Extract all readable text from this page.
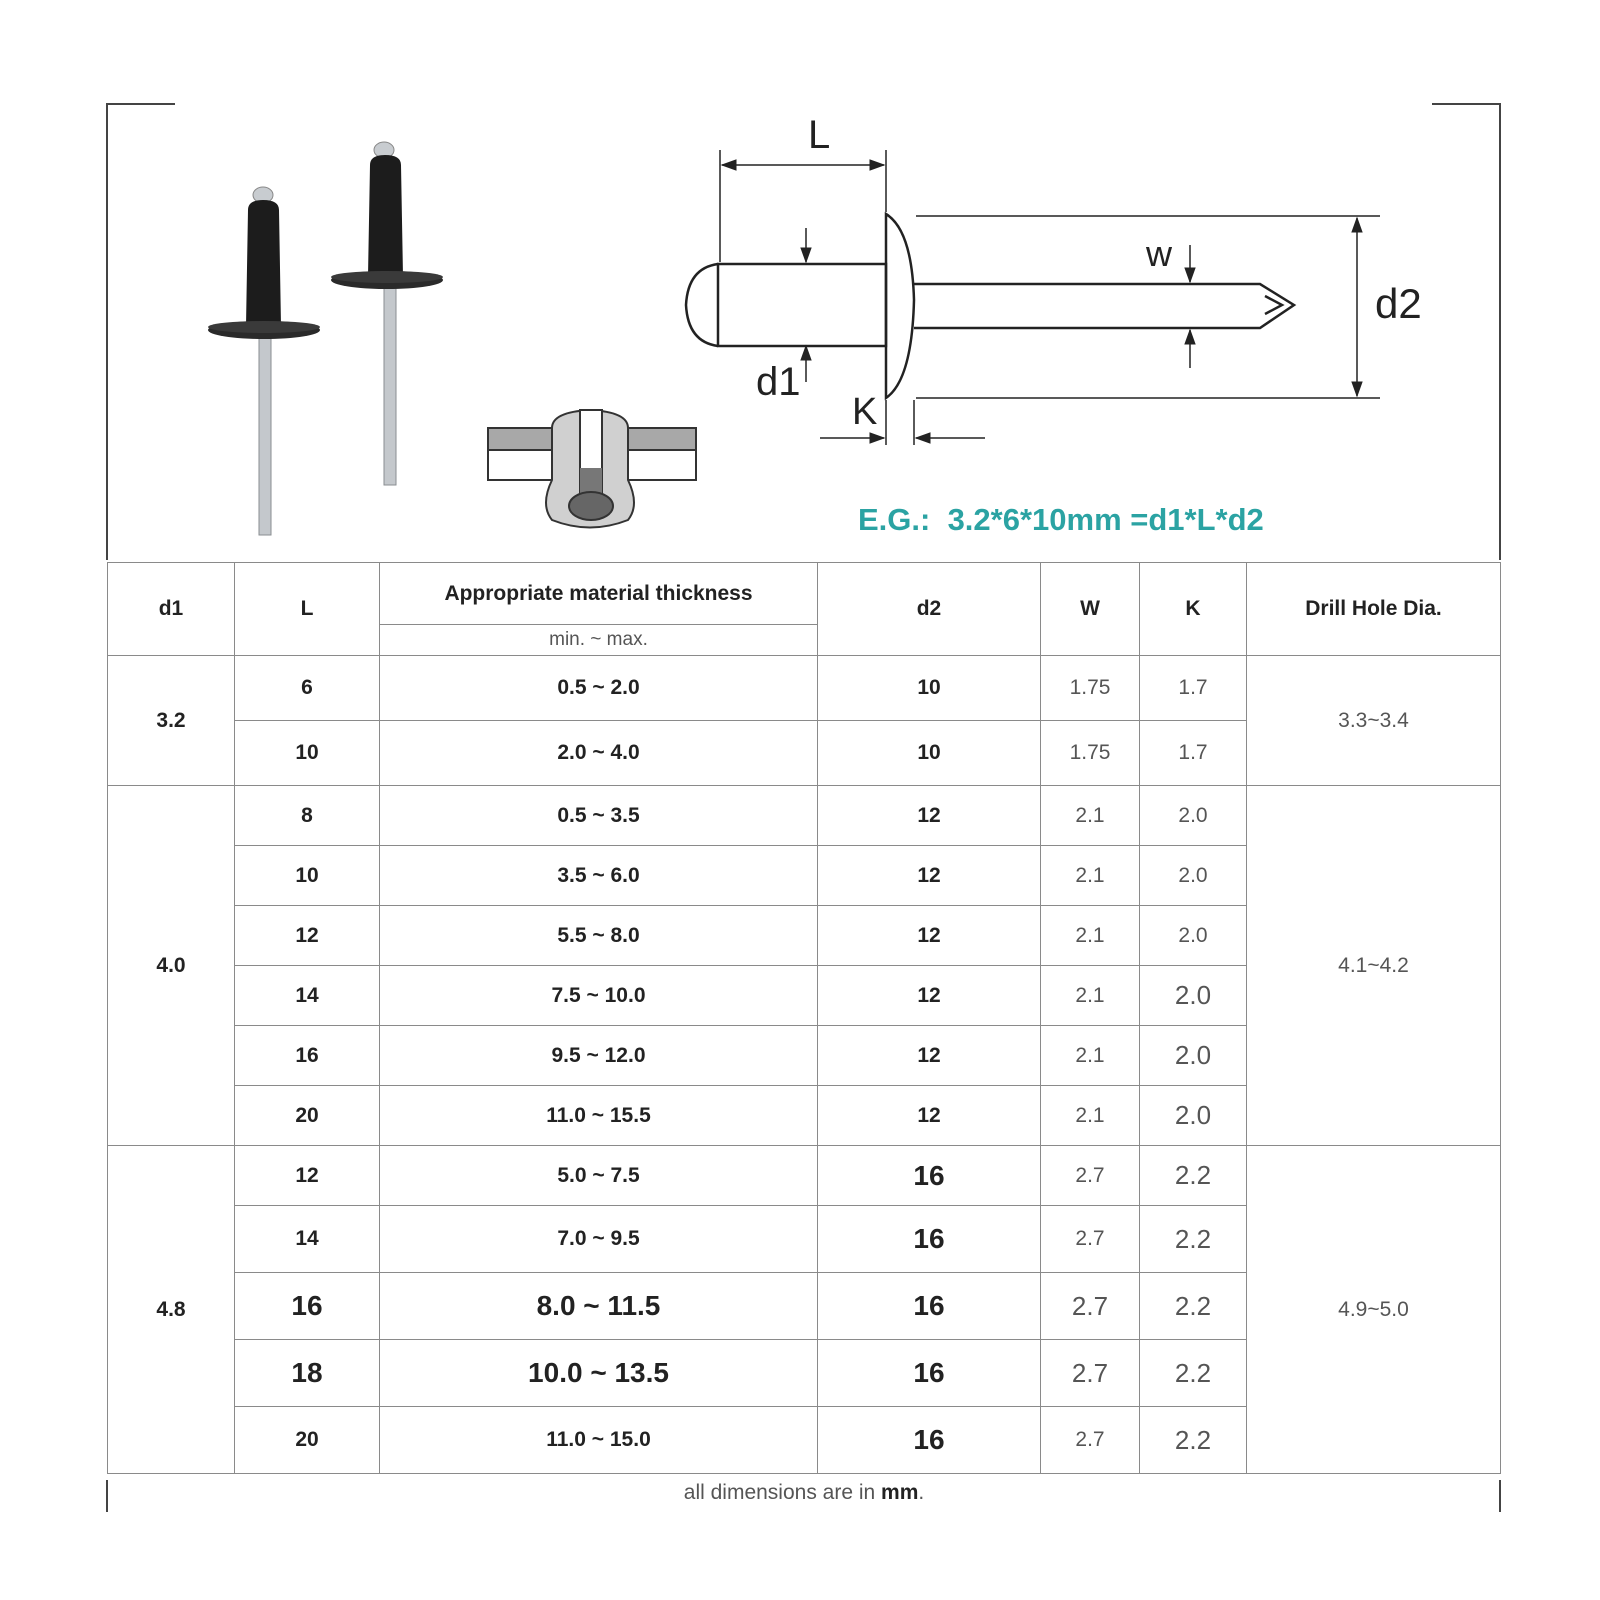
L
d2
w
d1
K
E.G.:  3.2*6*10mm =d1*L*d2
d1	L	Appropriate material thickness	d2	W	K	Drill Hole Dia.
		min. ~ max.				
3.2	6	0.5 ~ 2.0	10	1.75	1.7	3.3~3.4
	10	2.0 ~ 4.0	10	1.75	1.7	
4.0	8	0.5 ~ 3.5	12	2.1	2.0	4.1~4.2
	10	3.5 ~ 6.0	12	2.1	2.0	
	12	5.5 ~ 8.0	12	2.1	2.0	
	14	7.5 ~ 10.0	12	2.1	2.0	
	16	9.5 ~ 12.0	12	2.1	2.0	
	20	11.0 ~ 15.5	12	2.1	2.0	
4.8	12	5.0 ~ 7.5	16	2.7	2.2	4.9~5.0
	14	7.0 ~ 9.5	16	2.7	2.2	
	16	8.0 ~ 11.5	16	2.7	2.2	
	18	10.0 ~ 13.5	16	2.7	2.2	
	20	11.0 ~ 15.0	16	2.7	2.2	
all dimensions are in mm.						
